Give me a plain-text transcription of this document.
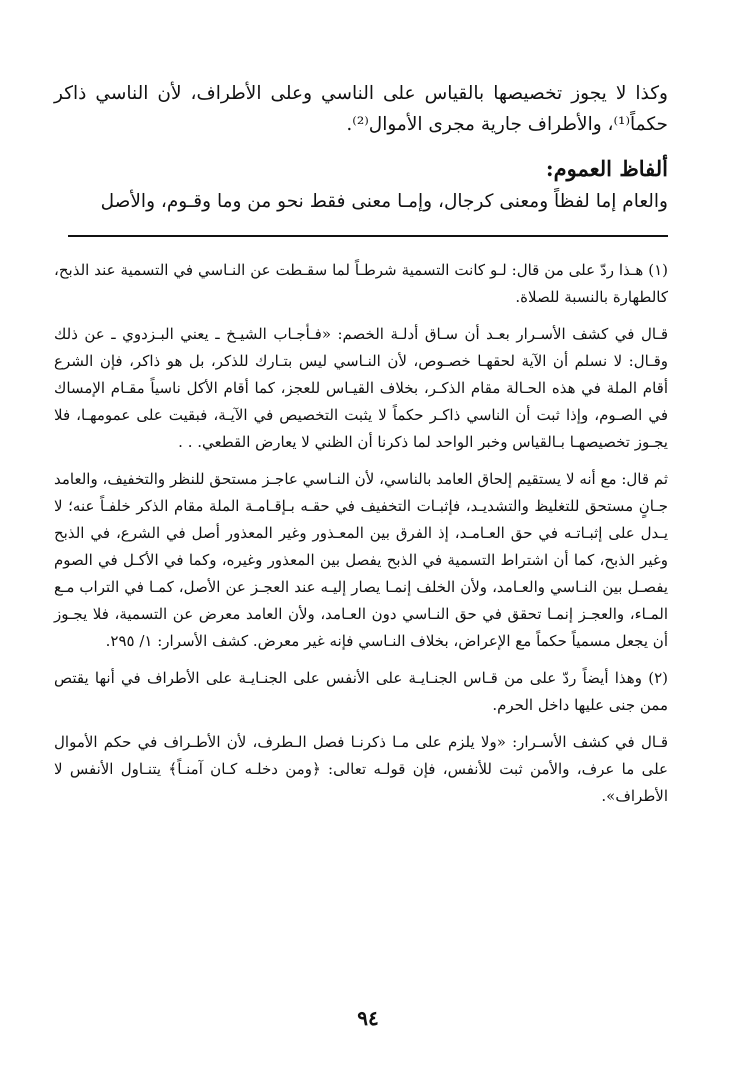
وكذا لا يجوز تخصيصها بالقياس على الناسي وعلى الأطراف، لأن الناسي ذاكر حكماً⁽¹⁾، والأطراف جارية مجرى الأموال⁽²⁾.

ألفاظ العموم:

والعام إما لفظاً ومعنى كرجال، وإمـا معنى فقط نحو من وما وقـوم، والأصل

(١) هـذا ردّ على من قال: لـو كانت التسمية شرطـاً لما سقـطت عن النـاسي في التسمية عند الذبح، كالطهارة بالنسبة للصلاة.

قـال في كشف الأسـرار بعـد أن سـاق أدلـة الخصم: «فـأجـاب الشيـخ ـ يعني البـزدوي ـ عن ذلك وقـال: لا نسلم أن الآية لحقهـا خصـوص، لأن النـاسي ليس بتـارك للذكر، بل هو ذاكر، فإن الشرع أقام الملة في هذه الحـالة مقام الذكـر، بخلاف القيـاس للعجز، كما أقام الأكل ناسياً مقـام الإمساك في الصـوم، وإذا ثبت أن الناسي ذاكـر حكماً لا يثبت التخصيص في الآيـة، فبقيت على عمومهـا، فلا يجـوز تخصيصهـا بـالقياس وخبر الواحد لما ذكرنا أن الظني لا يعارض القطعي. . .

ثم قال: مع أنه لا يستقيم إلحاق العامد بالناسي، لأن النـاسي عاجـز مستحق للنظر والتخفيف، والعامد جـانٍ مستحق للتغليظ والتشديـد، فإثبـات التخفيف في حقـه بـإقـامـة الملة مقام الذكر خلفـاً عنه؛ لا يـدل على إثبـاتـه في حق العـامـد، إذ الفرق بين المعـذور وغير المعذور أصل في الشرع، في الذبح وغير الذبح، كما أن اشتراط التسمية في الذبح يفصل بين المعذور وغيره، وكما في الأكـل في الصوم يفصـل بين النـاسي والعـامد، ولأن الخلف إنمـا يصار إليـه عند العجـز عن الأصل، كمـا في التراب مـع المـاء، والعجـز إنمـا تحقق في حق النـاسي دون العـامد، ولأن العامد معرض عن التسمية، فلا يجـوز أن يجعل مسمياً حكماً مع الإعراض، بخلاف النـاسي فإنه غير معرض. كشف الأسرار: ١/ ٢٩٥.

(٢) وهذا أيضاً ردّ على من قـاس الجنـايـة على الأنفس على الجنـايـة على الأطراف في أنها يقتص ممن جنى عليها داخل الحرم.

قـال في كشف الأسـرار: «ولا يلزم على مـا ذكرنـا فصل الـطرف، لأن الأطـراف في حكم الأموال على ما عرف، والأمن ثبت للأنفس، فإن قولـه تعالى: ﴿ومن دخلـه كـان آمنـاً﴾ يتنـاول الأنفس لا الأطراف».

٩٤
